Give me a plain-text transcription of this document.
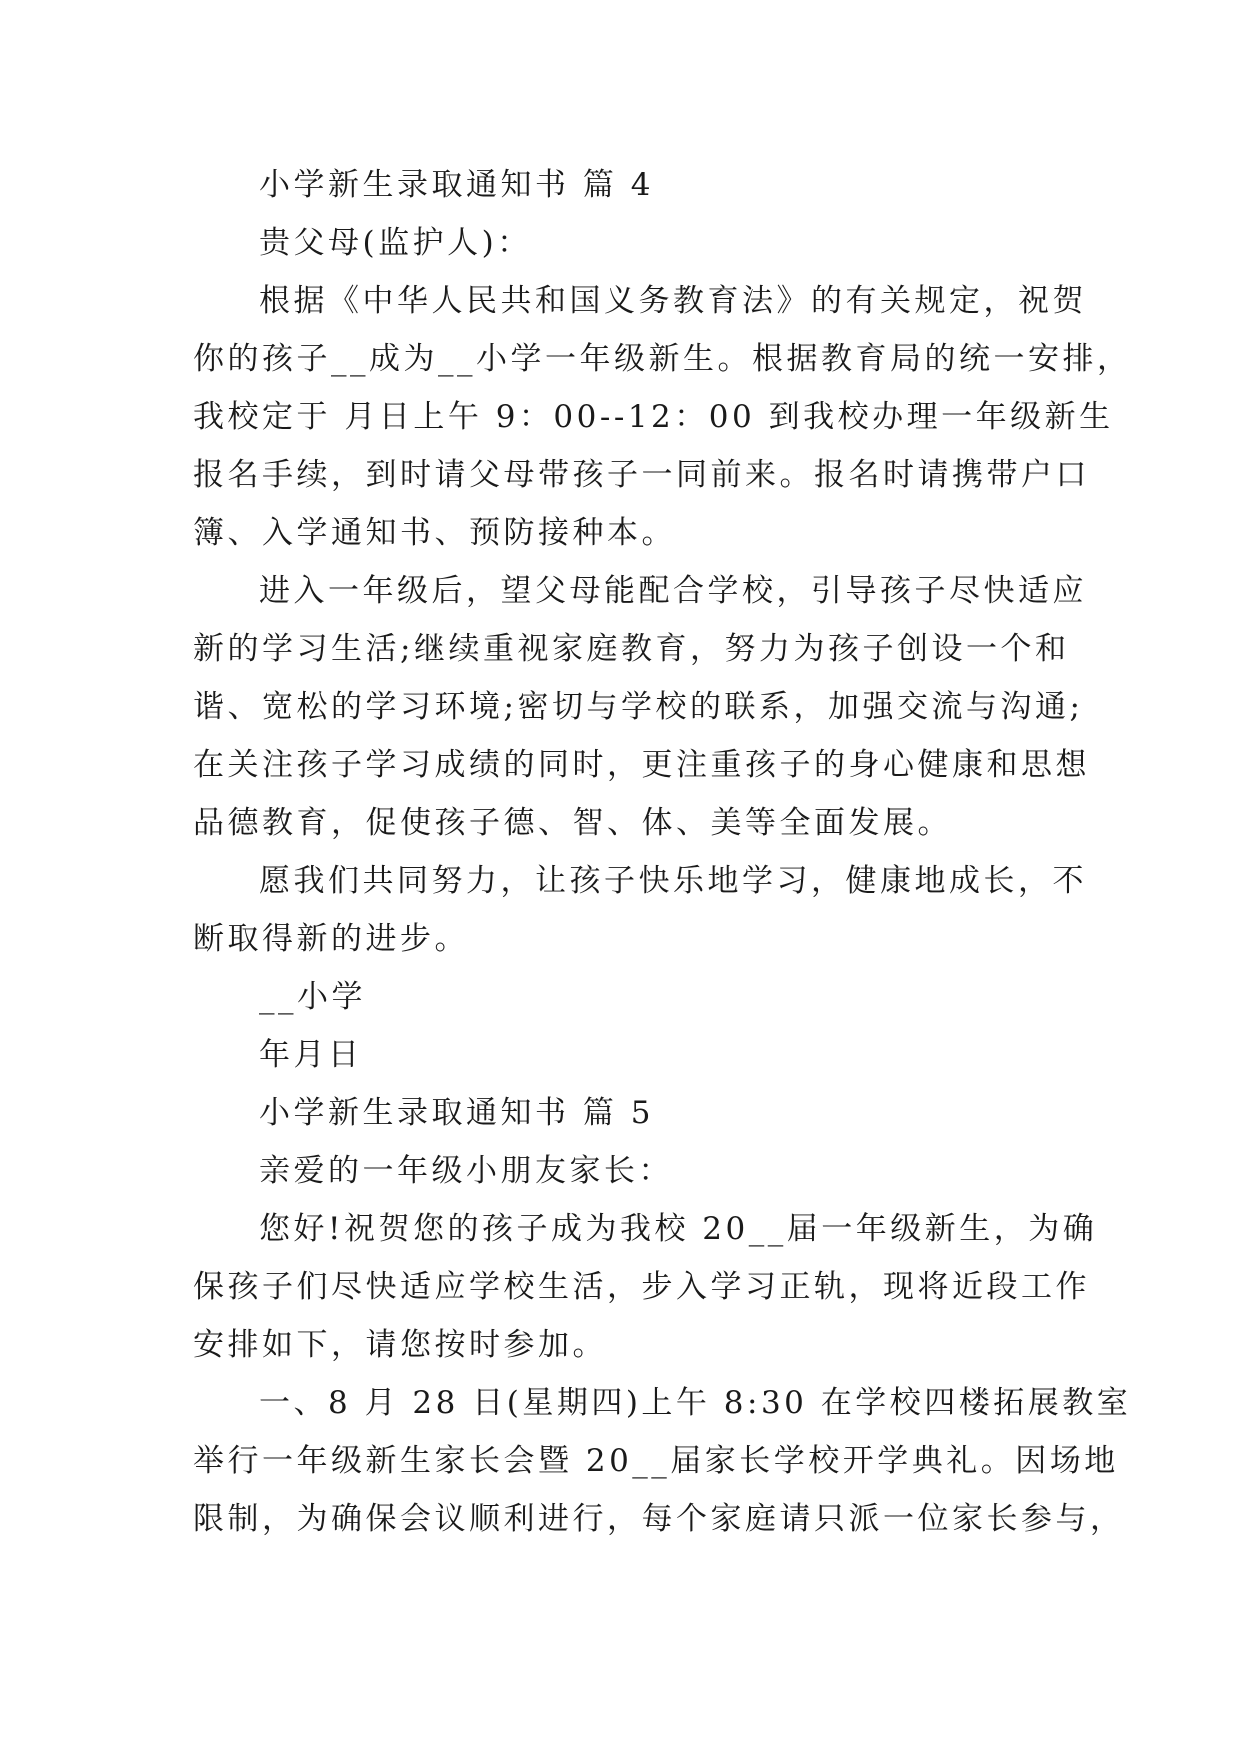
小学新生录取通知书 篇 4

贵父母(监护人)：

根据《中华人民共和国义务教育法》的有关规定，祝贺

你的孩子__成为__小学一年级新生。根据教育局的统一安排，

我校定于 月日上午 9：00--12：00 到我校办理一年级新生

报名手续，到时请父母带孩子一同前来。报名时请携带户口

簿、入学通知书、预防接种本。

进入一年级后，望父母能配合学校，引导孩子尽快适应

新的学习生活;继续重视家庭教育，努力为孩子创设一个和

谐、宽松的学习环境;密切与学校的联系，加强交流与沟通;

在关注孩子学习成绩的同时，更注重孩子的身心健康和思想

品德教育，促使孩子德、智、体、美等全面发展。

愿我们共同努力，让孩子快乐地学习，健康地成长，不

断取得新的进步。

__小学

年月日

小学新生录取通知书 篇 5

亲爱的一年级小朋友家长：

您好!祝贺您的孩子成为我校 20__届一年级新生，为确

保孩子们尽快适应学校生活，步入学习正轨，现将近段工作

安排如下，请您按时参加。

一、8 月 28 日(星期四)上午 8:30 在学校四楼拓展教室

举行一年级新生家长会暨 20__届家长学校开学典礼。因场地

限制，为确保会议顺利进行，每个家庭请只派一位家长参与，
